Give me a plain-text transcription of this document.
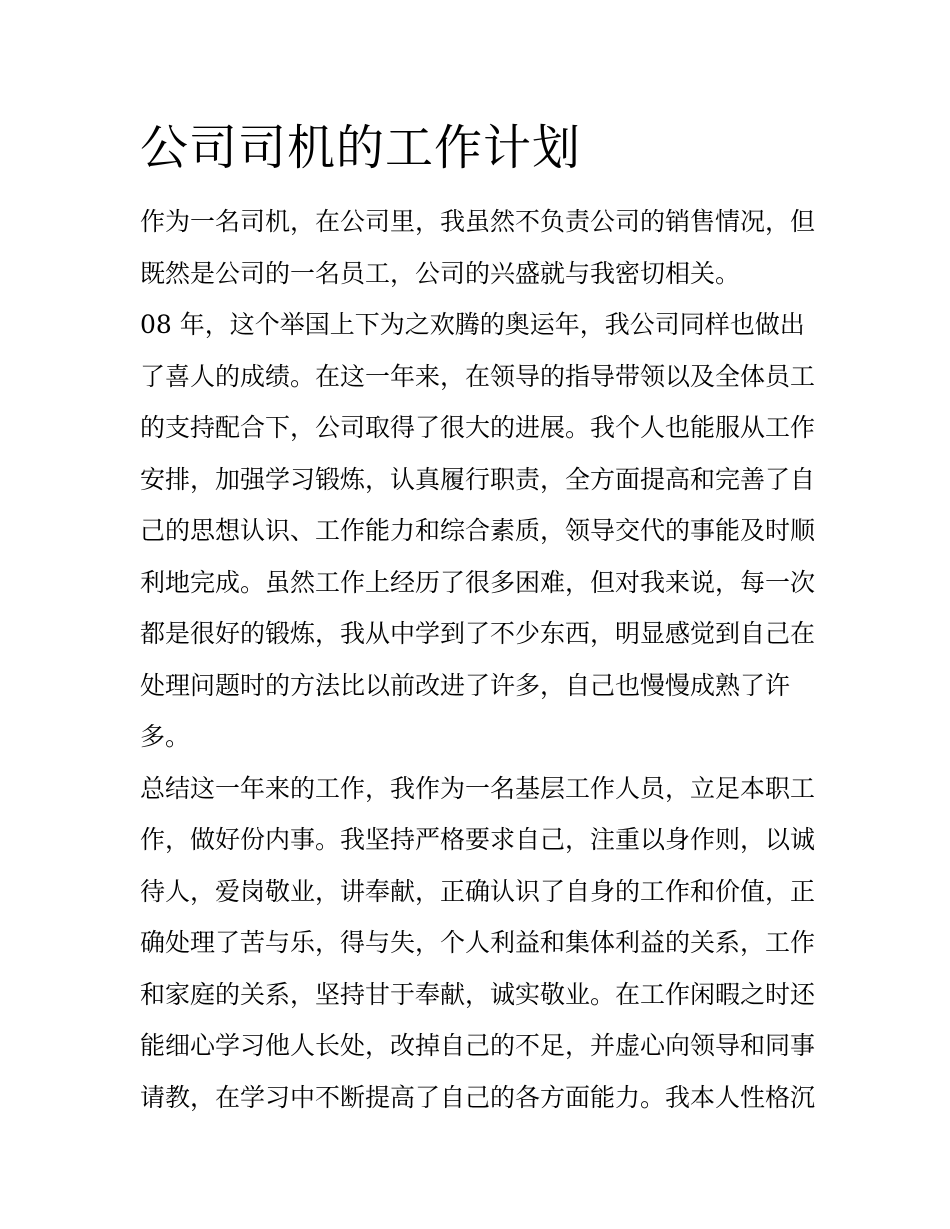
公司司机的工作计划
作为一名司机，在公司里，我虽然不负责公司的销售情况，但
既然是公司的一名员工，公司的兴盛就与我密切相关。
08 年，这个举国上下为之欢腾的奥运年，我公司同样也做出
了喜人的成绩。在这一年来，在领导的指导带领以及全体员工
的支持配合下，公司取得了很大的进展。我个人也能服从工作
安排，加强学习锻炼，认真履行职责，全方面提高和完善了自
己的思想认识、工作能力和综合素质，领导交代的事能及时顺
利地完成。虽然工作上经历了很多困难，但对我来说，每一次
都是很好的锻炼，我从中学到了不少东西，明显感觉到自己在
处理问题时的方法比以前改进了许多，自己也慢慢成熟了许
多。
总结这一年来的工作，我作为一名基层工作人员，立足本职工
作，做好份内事。我坚持严格要求自己，注重以身作则，以诚
待人，爱岗敬业，讲奉献，正确认识了自身的工作和价值，正
确处理了苦与乐，得与失，个人利益和集体利益的关系，工作
和家庭的关系，坚持甘于奉献，诚实敬业。在工作闲暇之时还
能细心学习他人长处，改掉自己的不足，并虚心向领导和同事
请教，在学习中不断提高了自己的各方面能力。我本人性格沉
